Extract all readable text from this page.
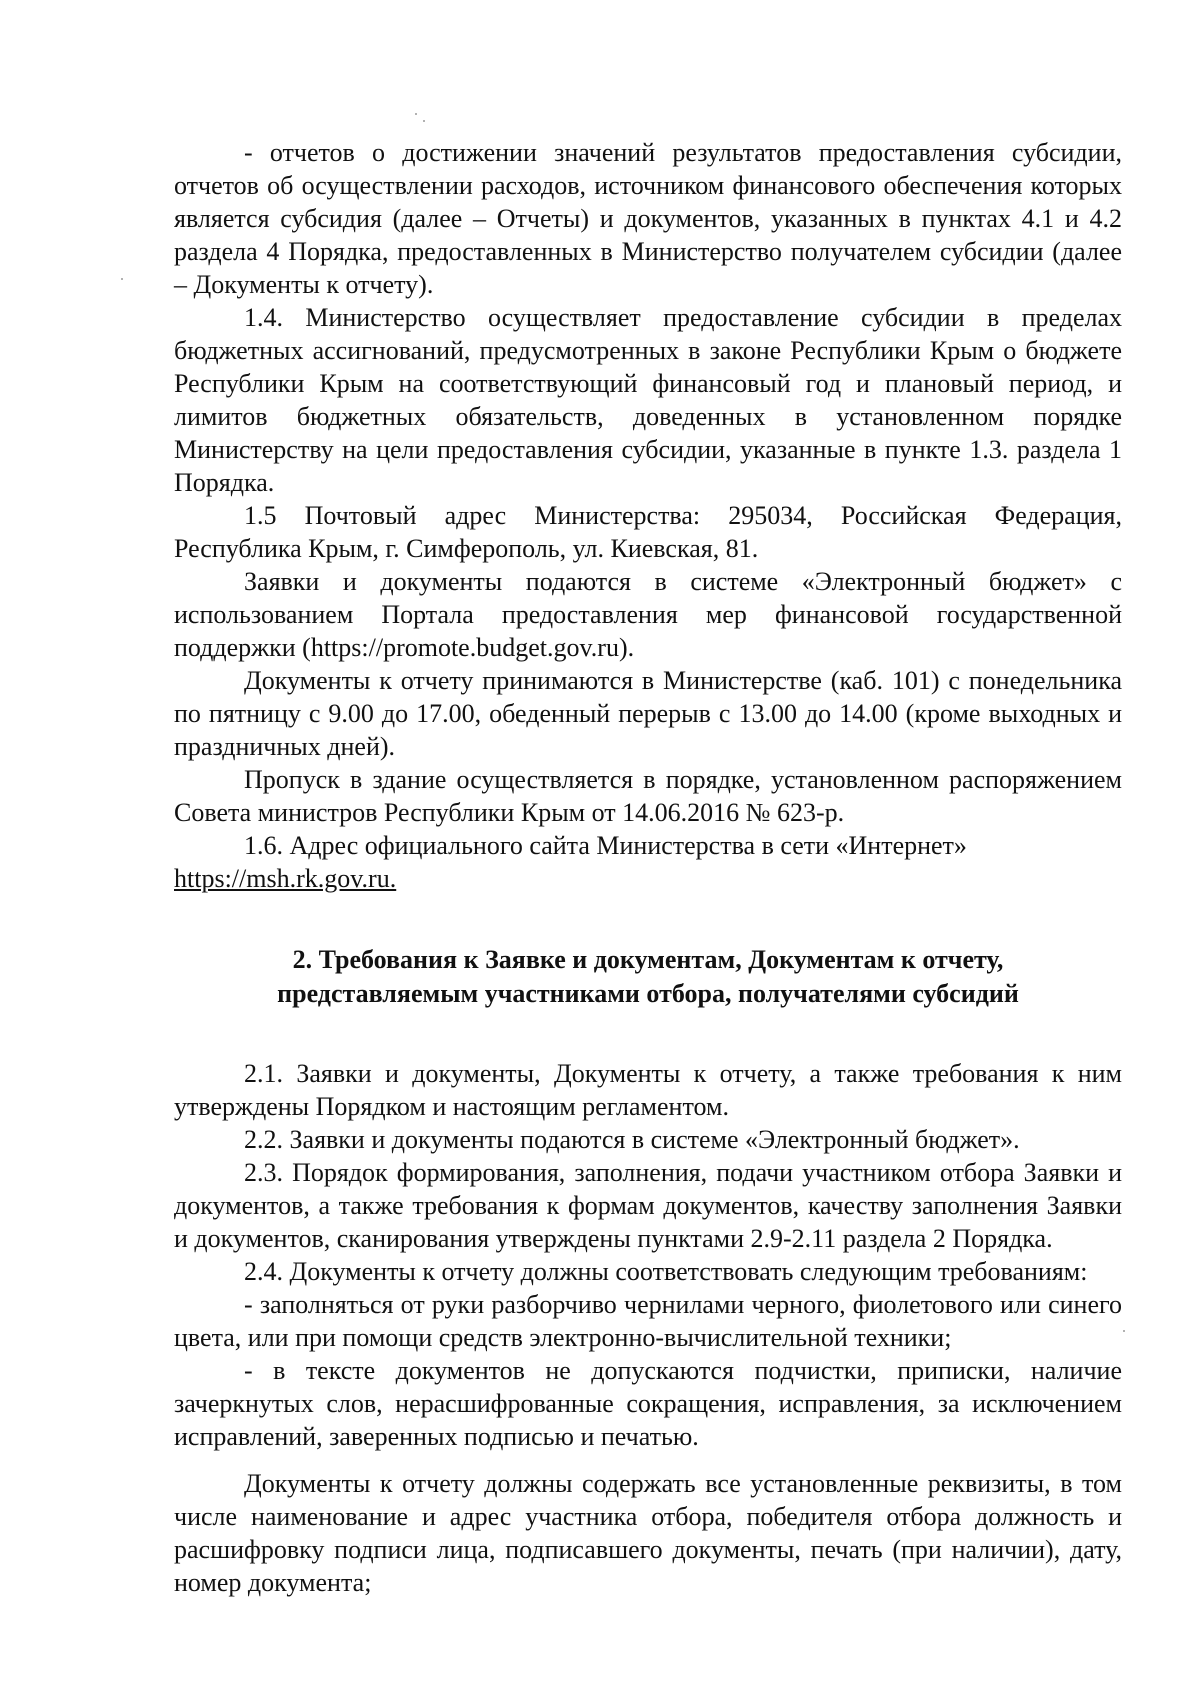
- отчетов о достижении значений результатов предоставления субсидии, отчетов об осуществлении расходов, источником финансового обеспечения которых является субсидия (далее – Отчеты) и документов, указанных в пунктах 4.1 и 4.2 раздела 4 Порядка, предоставленных в Министерство получателем субсидии (далее – Документы к отчету).

1.4. Министерство осуществляет предоставление субсидии в пределах бюджетных ассигнований, предусмотренных в законе Республики Крым о бюджете Республики Крым на соответствующий финансовый год и плановый период, и лимитов бюджетных обязательств, доведенных в установленном порядке Министерству на цели предоставления субсидии, указанные в пункте 1.3. раздела 1 Порядка.

1.5 Почтовый адрес Министерства: 295034, Российская Федерация, Республика Крым, г. Симферополь, ул. Киевская, 81.

Заявки и документы подаются в системе «Электронный бюджет» с использованием Портала предоставления мер финансовой государственной поддержки (https://promote.budget.gov.ru).

Документы к отчету принимаются в Министерстве (каб. 101) с понедельника по пятницу с 9.00 до 17.00, обеденный перерыв с 13.00 до 14.00 (кроме выходных и праздничных дней).

Пропуск в здание осуществляется в порядке, установленном распоряжением Совета министров Республики Крым от 14.06.2016 № 623-р.

1.6. Адрес официального сайта Министерства в сети «Интернет»

https://msh.rk.gov.ru.

2. Требования к Заявке и документам, Документам к отчету,
представляемым участниками отбора, получателями субсидий

2.1. Заявки и документы, Документы к отчету, а также требования к ним утверждены Порядком и настоящим регламентом.

2.2. Заявки и документы подаются в системе «Электронный бюджет».

2.3. Порядок формирования, заполнения, подачи участником отбора Заявки и документов, а также требования к формам документов, качеству заполнения Заявки и документов, сканирования утверждены пунктами 2.9-2.11 раздела 2 Порядка.

2.4. Документы к отчету должны соответствовать следующим требованиям:

- заполняться от руки разборчиво чернилами черного, фиолетового или синего цвета, или при помощи средств электронно-вычислительной техники;

- в тексте документов не допускаются подчистки, приписки, наличие зачеркнутых слов, нерасшифрованные сокращения, исправления, за исключением исправлений, заверенных подписью и печатью.

Документы к отчету должны содержать все установленные реквизиты, в том числе наименование и адрес участника отбора, победителя отбора должность и расшифровку подписи лица, подписавшего документы, печать (при наличии), дату, номер документа;
